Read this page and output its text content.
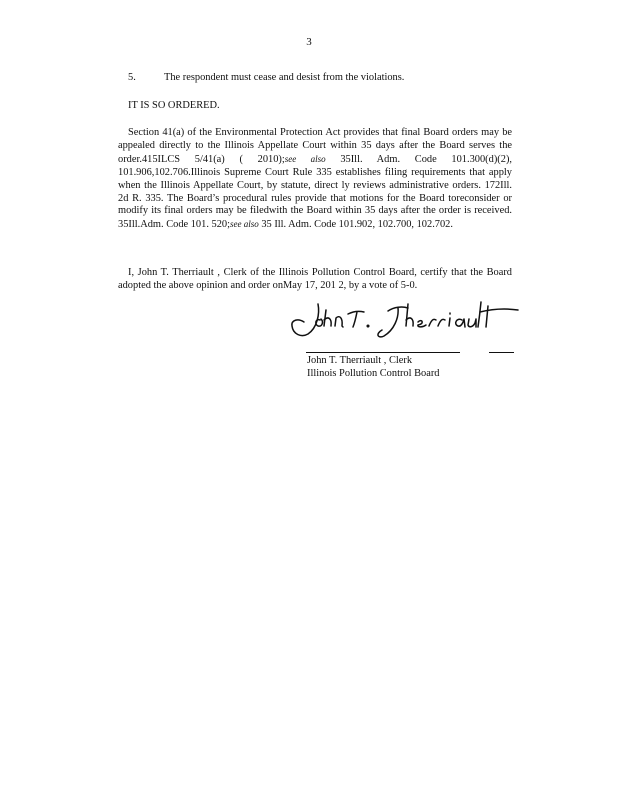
3
5.	The respondent must cease and desist from the violations.
IT IS SO ORDERED.
Section 41(a) of the Environmental Protection Act provides that final Board orders may be appealed directly to the Illinois Appellate Court within 35 days after the Board serves the order.415ILCS 5/41(a) ( 2010);see also 35Ill. Adm. Code 101.300(d)(2), 101.906,102.706.Illinois Supreme Court Rule 335 establishes filing requirements that apply when the Illinois Appellate Court, by statute, direct ly reviews administrative orders. 172Ill. 2d R. 335. The Board’s procedural rules provide that motions for the Board toreconsider or modify its final orders may be filedwith the Board within 35 days after the order is received. 35Ill.Adm. Code 101. 520;see also 35 Ill. Adm. Code 101.902, 102.700, 102.702.
I, John T. Therriault , Clerk of the Illinois Pollution Control Board, certify that the Board adopted the above opinion and order onMay 17, 201 2, by a vote of 5-0.
John T. Therriault , Clerk
Illinois Pollution Control Board
